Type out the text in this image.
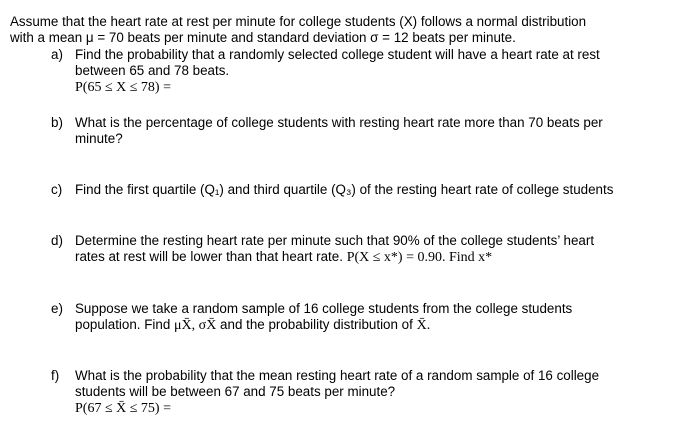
Assume that the heart rate at rest per minute for college students (X) follows a normal distribution
with a mean μ = 70 beats per minute and standard deviation σ = 12 beats per minute.
a) Find the probability that a randomly selected college student will have a heart rate at rest
between 65 and 78 beats.
P(65 ≤ X ≤ 78) =
b) What is the percentage of college students with resting heart rate more than 70 beats per
minute?
c) Find the first quartile (Q₁) and third quartile (Q₃) of the resting heart rate of college students
d) Determine the resting heart rate per minute such that 90% of the college students’ heart
rates at rest will be lower than that heart rate. P(X ≤ x*) = 0.90. Find x*
e) Suppose we take a random sample of 16 college students from the college students
population. Find μX̄, σX̄ and the probability distribution of X̄.
f) What is the probability that the mean resting heart rate of a random sample of 16 college
students will be between 67 and 75 beats per minute?
P(67 ≤ X̄ ≤ 75) =
